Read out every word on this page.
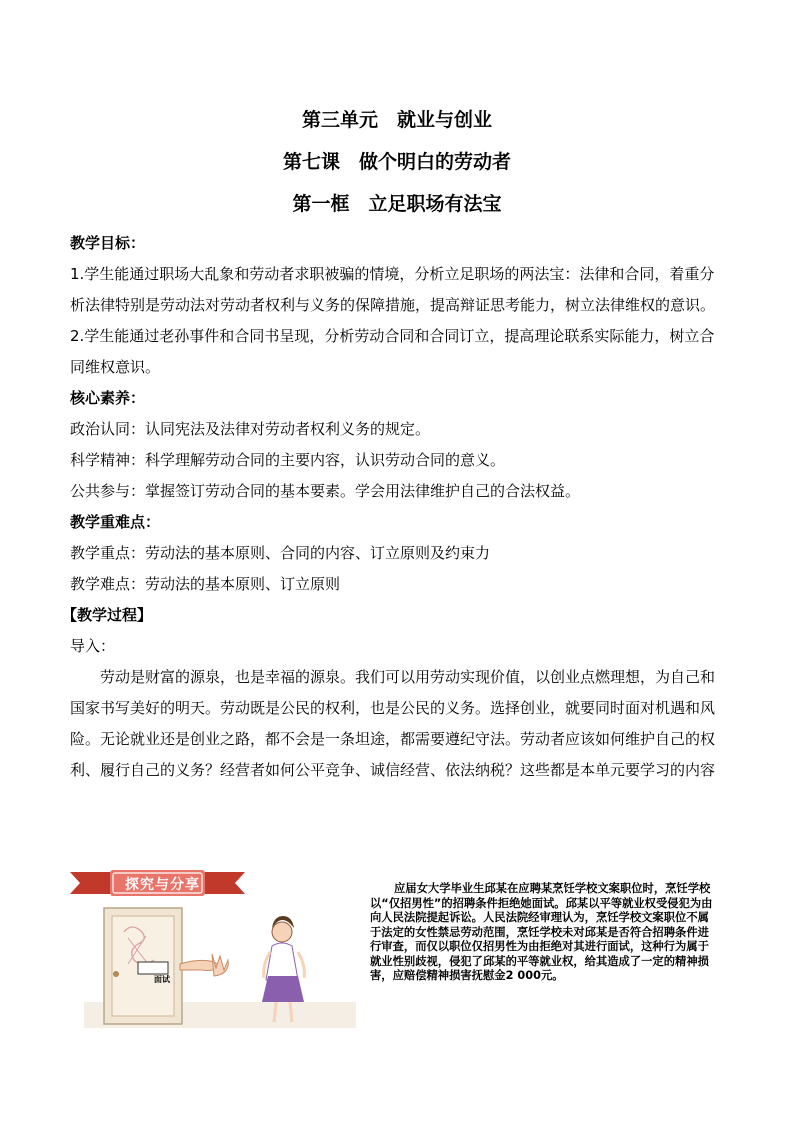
第三单元　就业与创业
第七课　做个明白的劳动者
第一框　立足职场有法宝

教学目标：

1.学生能通过职场大乱象和劳动者求职被骗的情境，分析立足职场的两法宝：法律和合同，着重分析法律特别是劳动法对劳动者权利与义务的保障措施，提高辩证思考能力，树立法律维权的意识。

2.学生能通过老孙事件和合同书呈现，分析劳动合同和合同订立，提高理论联系实际能力，树立合同维权意识。

核心素养：

政治认同：认同宪法及法律对劳动者权利义务的规定。

科学精神：科学理解劳动合同的主要内容，认识劳动合同的意义。

公共参与：掌握签订劳动合同的基本要素。学会用法律维护自己的合法权益。

教学重难点：

教学重点：劳动法的基本原则、合同的内容、订立原则及约束力

教学难点：劳动法的基本原则、订立原则

【教学过程】

导入：

劳动是财富的源泉，也是幸福的源泉。我们可以用劳动实现价值，以创业点燃理想，为自己和国家书写美好的明天。劳动既是公民的权利，也是公民的义务。选择创业，就要同时面对机遇和风险。无论就业还是创业之路，都不会是一条坦途，都需要遵纪守法。劳动者应该如何维护自己的权利、履行自己的义务？经营者如何公平竞争、诚信经营、依法纳税？这些都是本单元要学习的内容

探究与分享
面试

应届女大学毕业生邱某在应聘某烹饪学校文案职位时，烹饪学校以“仅招男性”的招聘条件拒绝她面试。邱某以平等就业权受侵犯为由向人民法院提起诉讼。人民法院经审理认为，烹饪学校文案职位不属于法定的女性禁忌劳动范围，烹饪学校未对邱某是否符合招聘条件进行审查，而仅以职位仅招男性为由拒绝对其进行面试，这种行为属于就业性别歧视，侵犯了邱某的平等就业权，给其造成了一定的精神损害，应赔偿精神损害抚慰金2 000元。
